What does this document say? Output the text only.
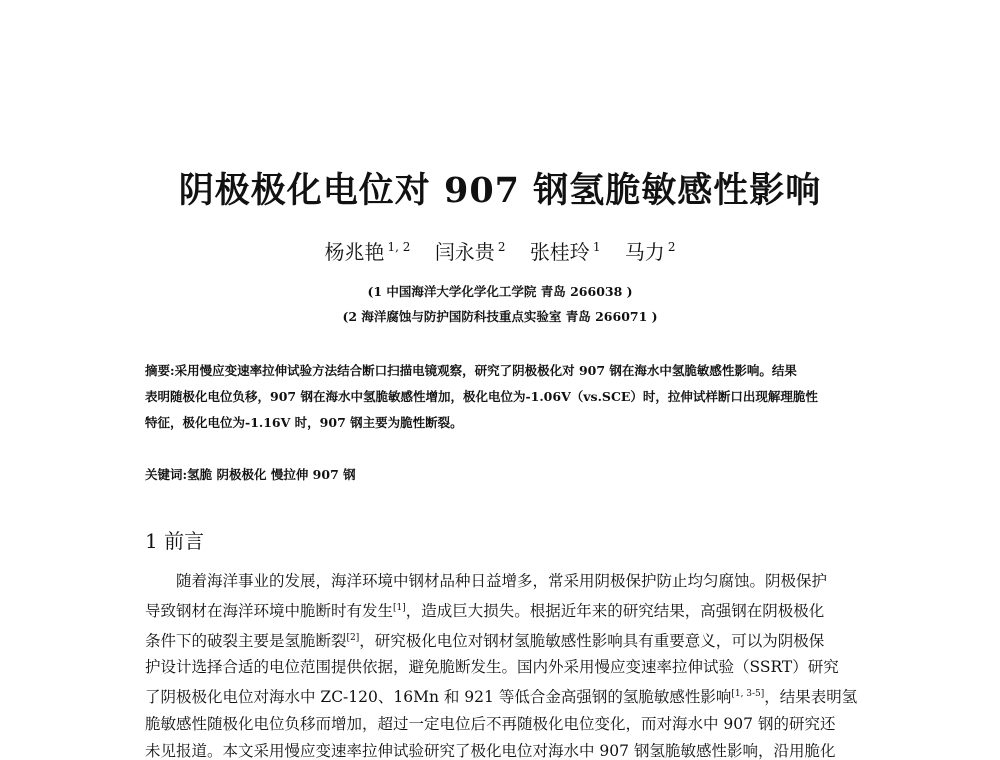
阴极极化电位对 907 钢氢脆敏感性影响
杨兆艳 $^{1, 2}$ 闫永贵 $^2$ 张桂玲 $^1$ 马力 $^2$
(1 中国海洋大学化学化工学院 青岛 266038 )
(2 海洋腐蚀与防护国防科技重点实验室 青岛 266071 )
摘要:采用慢应变速率拉伸试验方法结合断口扫描电镜观察，研究了阴极极化对 907 钢在海水中氢脆敏感性影响。结果
表明随极化电位负移，907 钢在海水中氢脆敏感性增加，极化电位为-1.06V（vs.SCE）时，拉伸试样断口出现解理脆性
特征，极化电位为-1.16V 时，907 钢主要为脆性断裂。
关键词:氢脆 阴极极化 慢拉伸 907 钢
1 前言
随着海洋事业的发展，海洋环境中钢材品种日益增多，常采用阴极保护防止均匀腐蚀。阴极保护
导致钢材在海洋环境中脆断时有发生[1]，造成巨大损失。根据近年来的研究结果，高强钢在阴极极化
条件下的破裂主要是氢脆断裂[2]，研究极化电位对钢材氢脆敏感性影响具有重要意义，可以为阴极保
护设计选择合适的电位范围提供依据，避免脆断发生。国内外采用慢应变速率拉伸试验（SSRT）研究
了阴极极化电位对海水中 ZC-120、16Mn 和 921 等低合金高强钢的氢脆敏感性影响[1, 3-5]，结果表明氢
脆敏感性随极化电位负移而增加，超过一定电位后不再随极化电位变化，而对海水中 907 钢的研究还
未见报道。本文采用慢应变速率拉伸试验研究了极化电位对海水中 907 钢氢脆敏感性影响，沿用脆化
